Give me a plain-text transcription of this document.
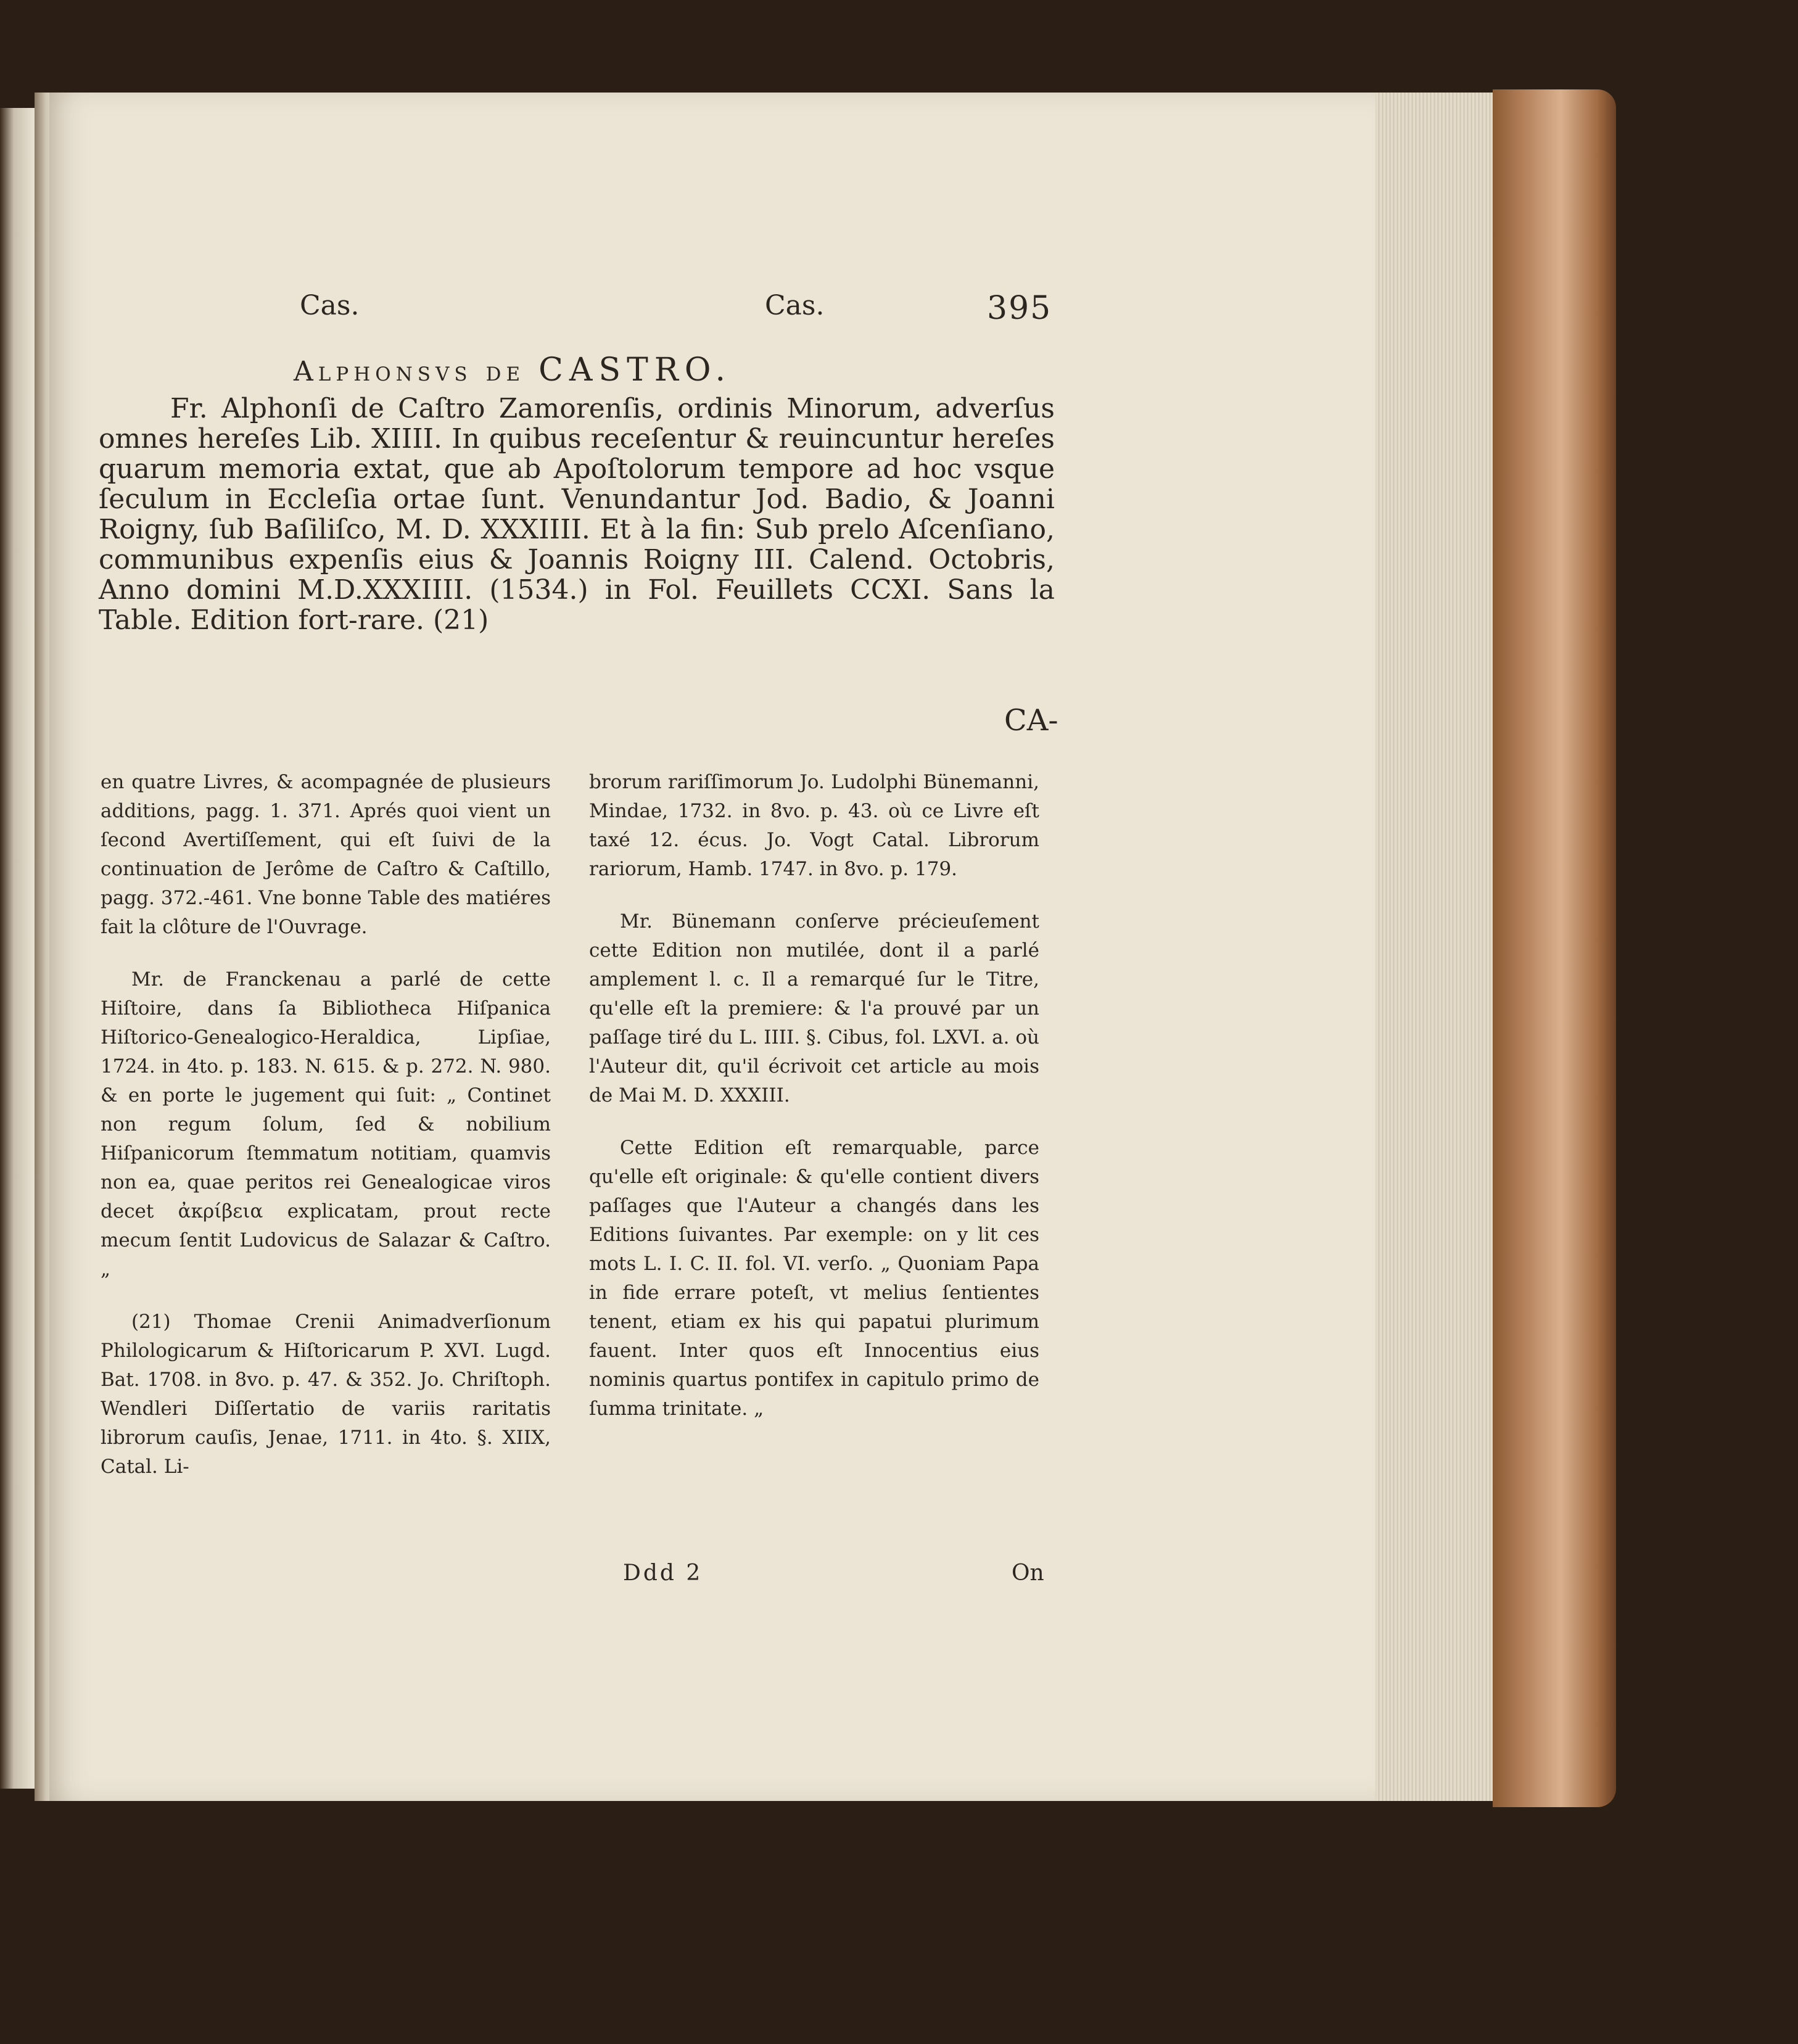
Cas.	Cas.	395
Alphonsvs de CASTRO.

Fr. Alphonſi de Caſtro Zamorenſis, ordinis Minorum, adverſus omnes hereſes Lib. XIIII. In quibus receſentur & reuincuntur hereſes quarum memoria extat, que ab Apoſtolorum tempore ad hoc vsque ſeculum in Eccleſia ortae ſunt. Venundantur Jod. Badio, & Joanni Roigny, ſub Baſiliſco, M. D. XXXIIII. Et à la fin: Sub prelo Aſcenſiano, communibus expenſis eius & Joannis Roigny III. Calend. Octobris, Anno domini M.D.XXXIIII. (1534.) in Fol. Feuillets CCXI. Sans la Table. Edition fort-rare. (21)

CA-

en quatre Livres, & acompagnée de plusieurs additions, pagg. 1. 371. Aprés quoi vient un ſecond Avertiſſement, qui eſt ſuivi de la continuation de Jerôme de Caſtro & Caſtillo, pagg. 372.-461. Vne bonne Table des matiéres fait la clôture de l'Ouvrage.

Mr. de Franckenau a parlé de cette Hiſtoire, dans ſa Bibliotheca Hiſpanica Hiſtorico-Genealogico-Heraldica, Lipſiae, 1724. in 4to. p. 183. N. 615. & p. 272. N. 980. & en porte le jugement qui ſuit: „ Continet non regum ſolum, ſed & nobilium Hiſpanicorum ſtemmatum notitiam, quamvis non ea, quae peritos rei Genealogicae viros decet ἀκρίβεια explicatam, prout recte mecum ſentit Ludovicus de Salazar & Caſtro. „

(21) Thomae Crenii Animadverſionum Philologicarum & Hiſtoricarum P. XVI. Lugd. Bat. 1708. in 8vo. p. 47. & 352. Jo. Chriſtoph. Wendleri Diſſertatio de variis raritatis librorum cauſis, Jenae, 1711. in 4to. §. XIIX, Catal. Li-

brorum rariſſimorum Jo. Ludolphi Bünemanni, Mindae, 1732. in 8vo. p. 43. où ce Livre eſt taxé 12. écus. Jo. Vogt Catal. Librorum rariorum, Hamb. 1747. in 8vo. p. 179.

Mr. Bünemann conſerve précieuſement cette Edition non mutilée, dont il a parlé amplement l. c. Il a remarqué ſur le Titre, qu'elle eſt la premiere: & l'a prouvé par un paſſage tiré du L. IIII. §. Cibus, fol. LXVI. a. où l'Auteur dit, qu'il écrivoit cet article au mois de Mai M. D. XXXIII.

Cette Edition eſt remarquable, parce qu'elle eſt originale: & qu'elle contient divers paſſages que l'Auteur a changés dans les Editions ſuivantes. Par exemple: on y lit ces mots L. I. C. II. fol. VI. verſo. „ Quoniam Papa in fide errare poteſt, vt melius ſentientes tenent, etiam ex his qui papatui plurimum fauent. Inter quos eſt Innocentius eius nominis quartus pontifex in capitulo primo de ſumma trinitate. „

Ddd 2	On
